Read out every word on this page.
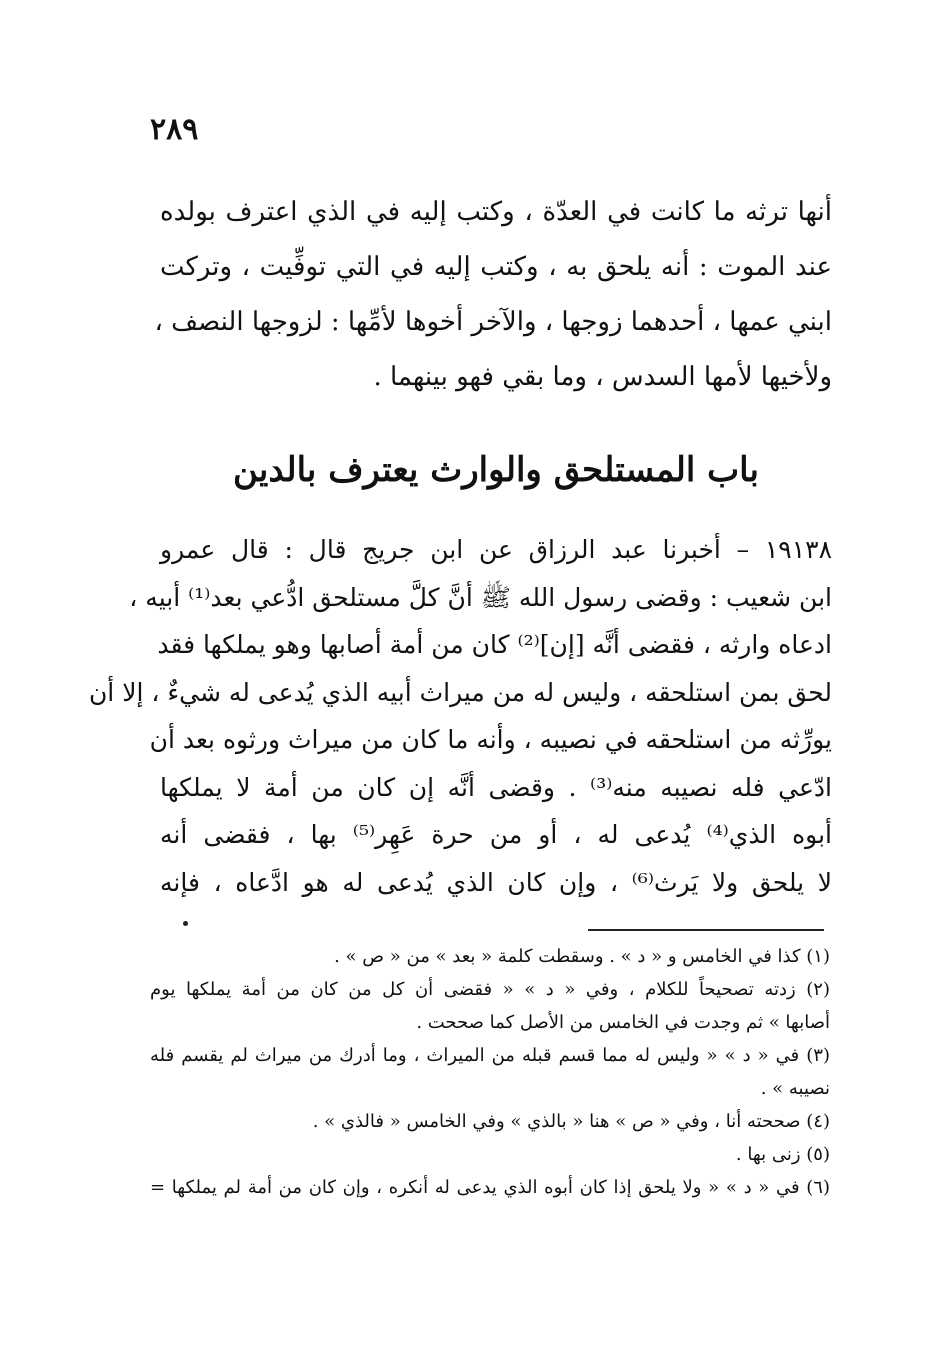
٢٨٩
أنها ترثه ما كانت في العدّة ، وكتب إليه في الذي اعترف بولده
عند الموت : أنه يلحق به ، وكتب إليه في التي توفِّيت ، وتركت
ابني عمها ، أحدهما زوجها ، والآخر أخوها لأمِّها : لزوجها النصف ،
ولأخيها لأمها السدس ، وما بقي فهو بينهما .
باب المستلحق والوارث يعترف بالدين
١٩١٣٨ – أخبرنا عبد الرزاق عن ابن جريج قال : قال عمرو
ابن شعيب : وقضى رسول الله ﷺ أنَّ كلَّ مستلحق ادُّعي بعد⁽¹⁾ أبيه ،
ادعاه وارثه ، فقضى أنَّه [إن]⁽²⁾ كان من أمة أصابها وهو يملكها فقد
لحق بمن استلحقه ، وليس له من ميراث أبيه الذي يُدعى له شيءٌ ، إلا أن
يورِّثه من استلحقه في نصيبه ، وأنه ما كان من ميراث ورثوه بعد أن
ادّعي فله نصيبه منه⁽³⁾ . وقضى أنَّه إن كان من أمة لا يملكها
أبوه الذي⁽⁴⁾ يُدعى له ، أو من حرة عَهِر⁽⁵⁾ بها ، فقضى أنه
لا يلحق ولا يَرث⁽⁶⁾ ، وإن كان الذي يُدعى له هو ادَّعاه ، فإنه
(١) كذا في الخامس و « د » . وسقطت كلمة « بعد » من « ص » .
(٢) زدته تصحيحاً للكلام ، وفي « د » « فقضى أن كل من كان من أمة يملكها يوم
أصابها » ثم وجدت في الخامس من الأصل كما صححت .
(٣) في « د » « وليس له مما قسم قبله من الميراث ، وما أدرك من ميراث لم يقسم فله
نصيبه » .
(٤) صححته أنا ، وفي « ص » هنا « بالذي » وفي الخامس « فالذي » .
(٥) زنى بها .
(٦) في « د » « ولا يلحق إذا كان أبوه الذي يدعى له أنكره ، وإن كان من أمة لم يملكها =
